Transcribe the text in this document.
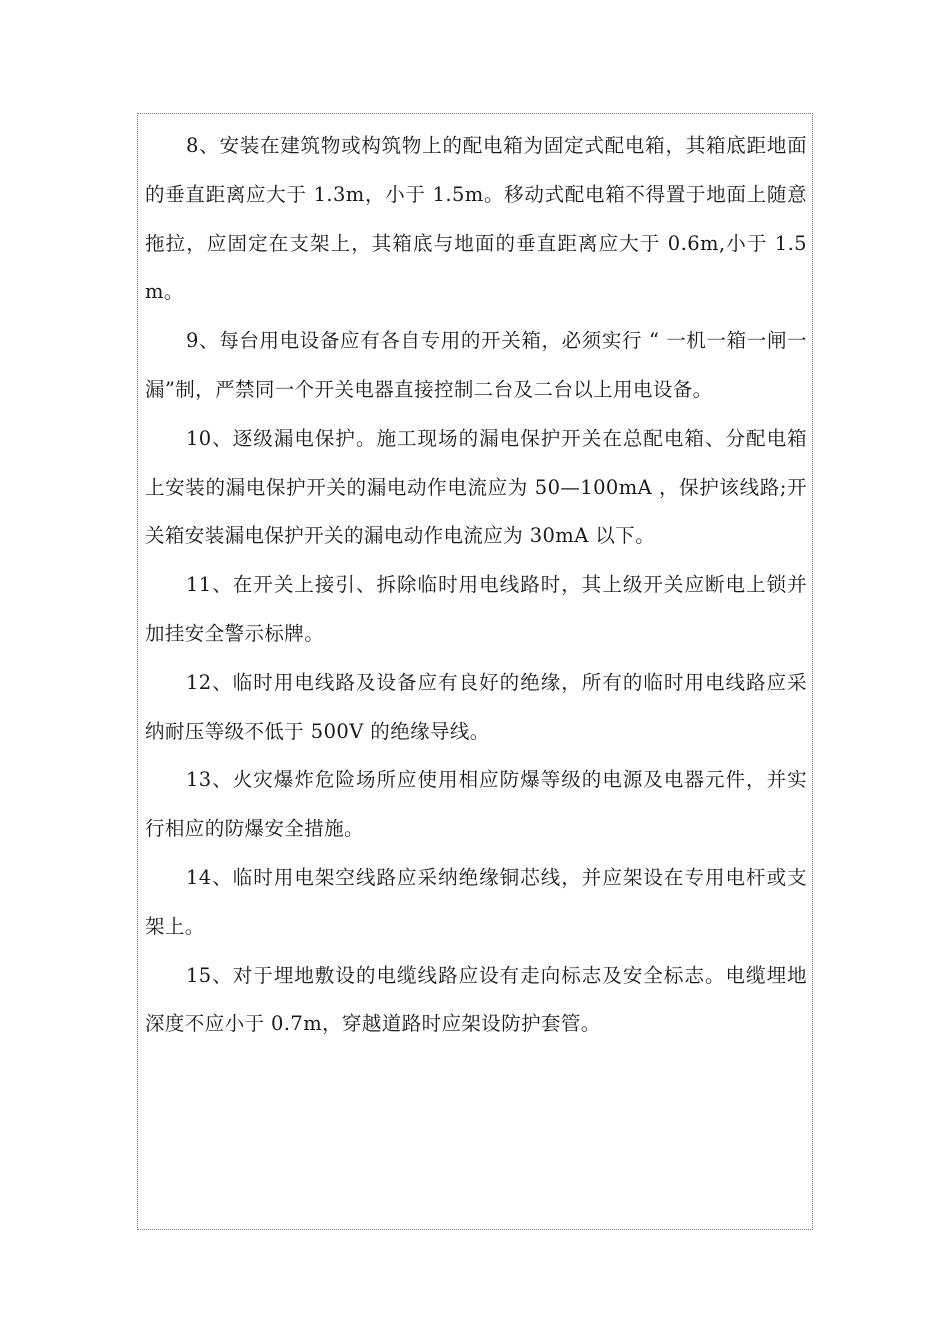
8、安装在建筑物或构筑物上的配电箱为固定式配电箱，其箱底距地面的垂直距离应大于 1.3m，小于 1.5m。移动式配电箱不得置于地面上随意拖拉，应固定在支架上，其箱底与地面的垂直距离应大于 0.6m,小于 1.5m。

9、每台用电设备应有各自专用的开关箱，必须实行 “ 一机一箱一闸一漏”制，严禁同一个开关电器直接控制二台及二台以上用电设备。

10、逐级漏电保护。施工现场的漏电保护开关在总配电箱、分配电箱上安装的漏电保护开关的漏电动作电流应为 50—100mA ，保护该线路;开关箱安装漏电保护开关的漏电动作电流应为 30mA 以下。

11、在开关上接引、拆除临时用电线路时，其上级开关应断电上锁并加挂安全警示标牌。

12、临时用电线路及设备应有良好的绝缘，所有的临时用电线路应采纳耐压等级不低于 500V 的绝缘导线。

13、火灾爆炸危险场所应使用相应防爆等级的电源及电器元件，并实行相应的防爆安全措施。

14、临时用电架空线路应采纳绝缘铜芯线，并应架设在专用电杆或支架上。

15、对于埋地敷设的电缆线路应设有走向标志及安全标志。电缆埋地深度不应小于 0.7m，穿越道路时应架设防护套管。
